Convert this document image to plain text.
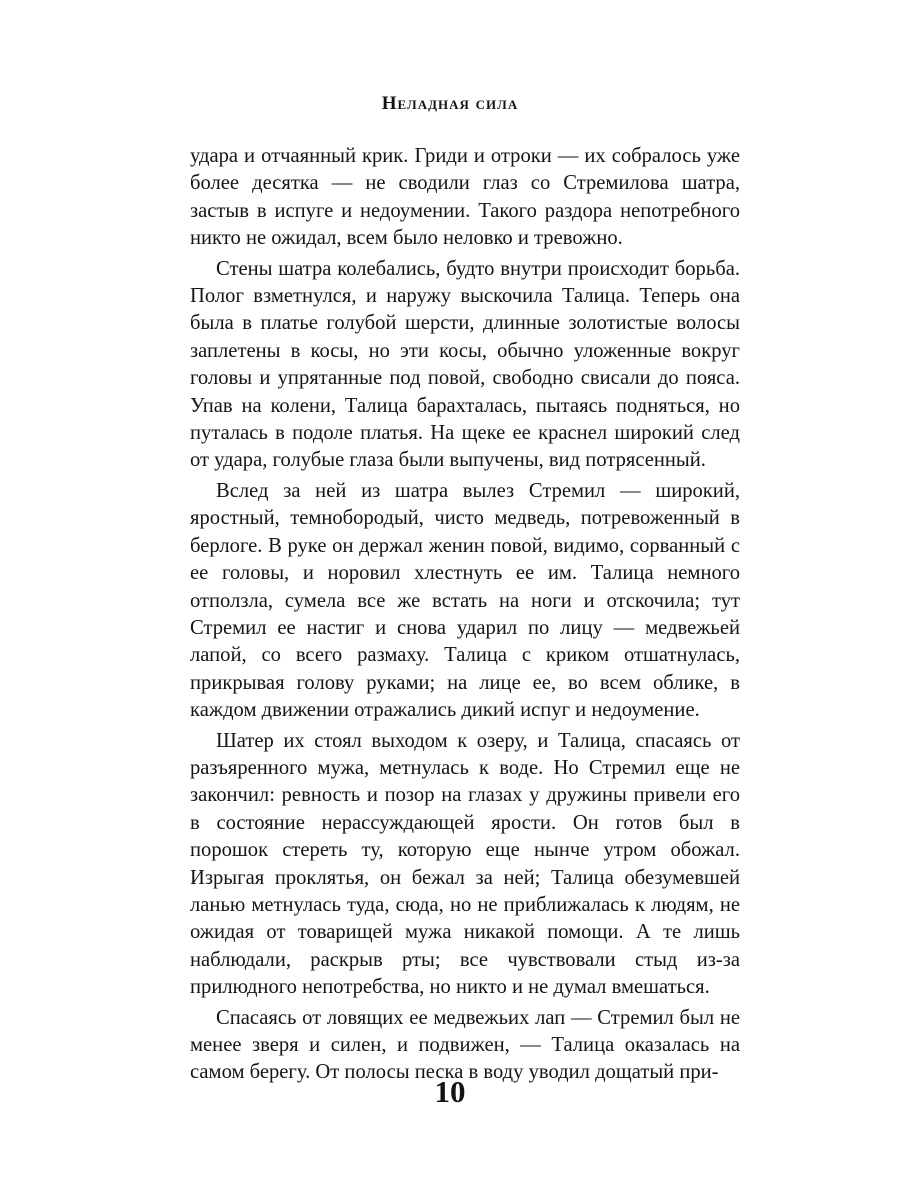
Неладная сила

удара и отчаянный крик. Гриди и отроки — их собралось уже более десятка — не сводили глаз со Стремилова шатра, застыв в испуге и недоумении. Такого раздора непотребного никто не ожидал, всем было неловко и тревожно.

Стены шатра колебались, будто внутри происходит борьба. Полог взметнулся, и наружу выскочила Талица. Теперь она была в платье голубой шерсти, длинные золотистые волосы заплетены в косы, но эти косы, обычно уложенные вокруг головы и упрятанные под повой, свободно свисали до пояса. Упав на колени, Талица барахталась, пытаясь подняться, но путалась в подоле платья. На щеке ее краснел широкий след от удара, голубые глаза были выпучены, вид потрясенный.

Вслед за ней из шатра вылез Стремил — широкий, яростный, темнобородый, чисто медведь, потревоженный в берлоге. В руке он держал женин повой, видимо, сорванный с ее головы, и норовил хлестнуть ее им. Талица немного отползла, сумела все же встать на ноги и отскочила; тут Стремил ее настиг и снова ударил по лицу — медвежьей лапой, со всего размаху. Талица с криком отшатнулась, прикрывая голову руками; на лице ее, во всем облике, в каждом движении отражались дикий испуг и недоумение.

Шатер их стоял выходом к озеру, и Талица, спасаясь от разъяренного мужа, метнулась к воде. Но Стремил еще не закончил: ревность и позор на глазах у дружины привели его в состояние нерассуждающей ярости. Он готов был в порошок стереть ту, которую еще нынче утром обожал. Изрыгая проклятья, он бежал за ней; Талица обезумевшей ланью метнулась туда, сюда, но не приближалась к людям, не ожидая от товарищей мужа никакой помощи. А те лишь наблюдали, раскрыв рты; все чувствовали стыд из-за прилюдного непотребства, но никто и не думал вмешаться.

Спасаясь от ловящих ее медвежьих лап — Стремил был не менее зверя и силен, и подвижен, — Талица оказалась на самом берегу. От полосы песка в воду уводил дощатый при-

10
